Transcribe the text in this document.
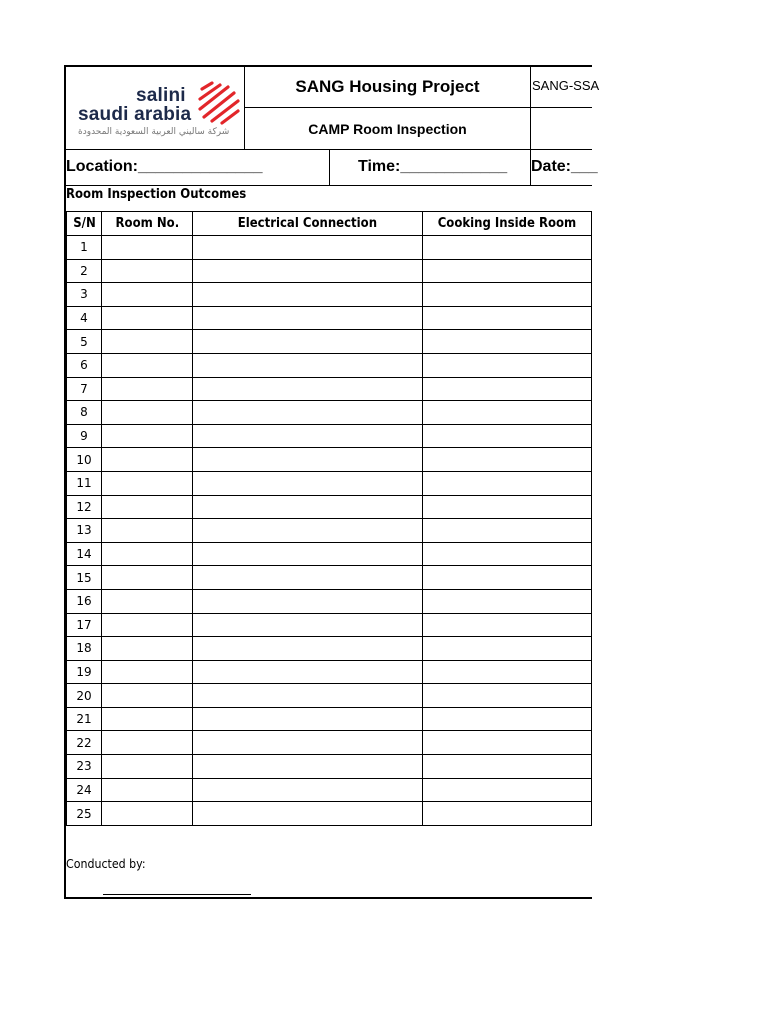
salini
saudi arabia
شركة ساليني العربية السعودية المحدودة
SANG Housing Project
CAMP Room Inspection
SANG-SSA
Location:______________	Time:____________ Date:___
Room Inspection Outcomes
S/N	Room No.	Electrical Connection	Cooking Inside Room
1			
2			
3			
4			
5			
6			
7			
8			
9			
10			
11			
12			
13			
14			
15			
16			
17			
18			
19			
20			
21			
22			
23			
24			
25			
Conducted by:
